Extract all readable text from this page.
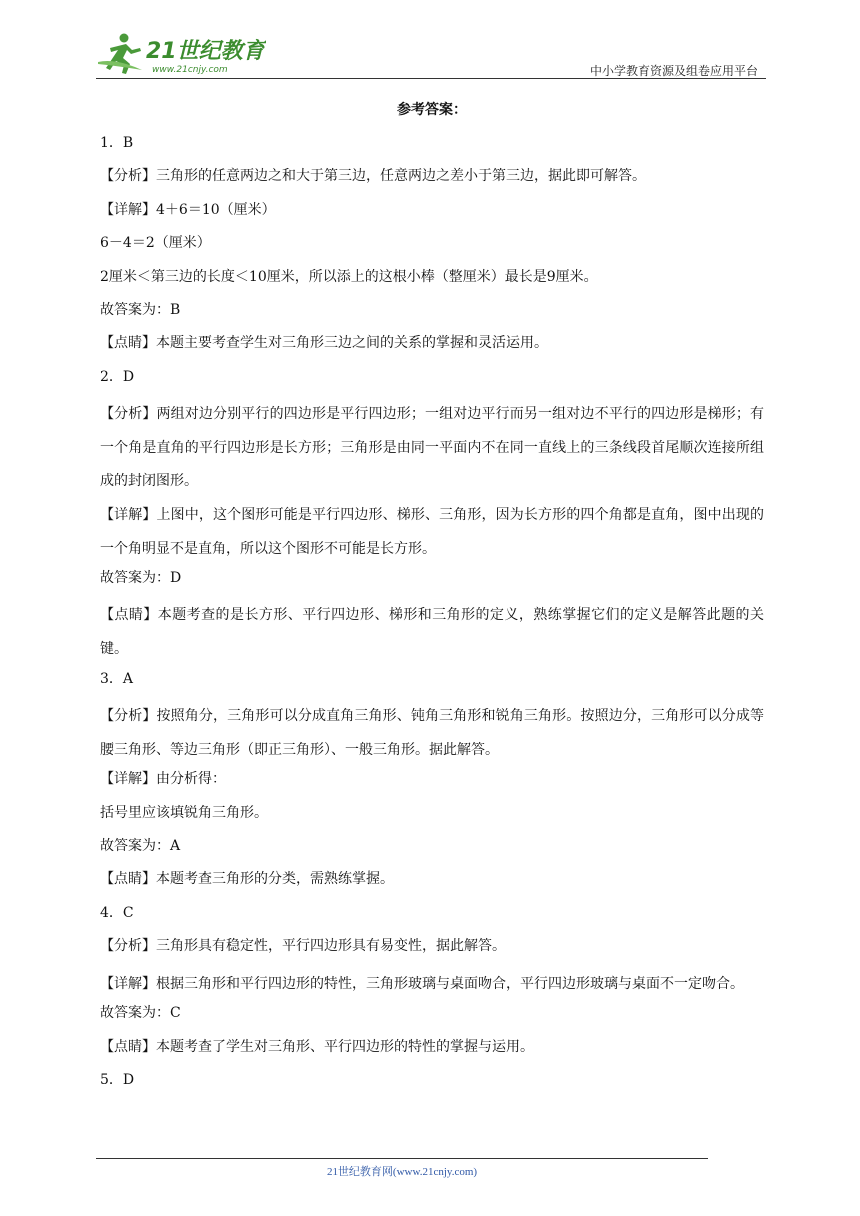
21世纪教育
www.21cnjy.com	中小学教育资源及组卷应用平台
参考答案：
1．B
【分析】三角形的任意两边之和大于第三边，任意两边之差小于第三边，据此即可解答。
【详解】4＋6＝10（厘米）
6－4＝2（厘米）
2厘米＜第三边的长度＜10厘米，所以添上的这根小棒（整厘米）最长是9厘米。
故答案为：B
【点睛】本题主要考查学生对三角形三边之间的关系的掌握和灵活运用。
2．D
【分析】两组对边分别平行的四边形是平行四边形；一组对边平行而另一组对边不平行的四边形是梯形；有一个角是直角的平行四边形是长方形；三角形是由同一平面内不在同一直线上的三条线段首尾顺次连接所组成的封闭图形。
【详解】上图中，这个图形可能是平行四边形、梯形、三角形，因为长方形的四个角都是直角，图中出现的一个角明显不是直角，所以这个图形不可能是长方形。
故答案为：D
【点睛】本题考查的是长方形、平行四边形、梯形和三角形的定义，熟练掌握它们的定义是解答此题的关键。
3．A
【分析】按照角分，三角形可以分成直角三角形、钝角三角形和锐角三角形。按照边分，三角形可以分成等腰三角形、等边三角形（即正三角形）、一般三角形。据此解答。
【详解】由分析得：
括号里应该填锐角三角形。
故答案为：A
【点睛】本题考查三角形的分类，需熟练掌握。
4．C
【分析】三角形具有稳定性，平行四边形具有易变性，据此解答。
【详解】根据三角形和平行四边形的特性，三角形玻璃与桌面吻合，平行四边形玻璃与桌面不一定吻合。
故答案为：C
【点睛】本题考查了学生对三角形、平行四边形的特性的掌握与运用。
5．D
21世纪教育网(www.21cnjy.com)
